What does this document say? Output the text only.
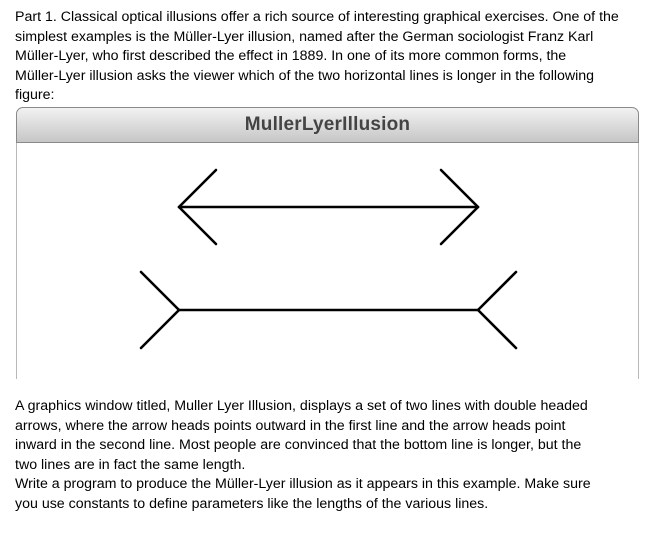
Part 1. Classical optical illusions offer a rich source of interesting graphical exercises. One of the
simplest examples is the Müller-Lyer illusion, named after the German sociologist Franz Karl
Müller-Lyer, who first described the effect in 1889. In one of its more common forms, the
Müller-Lyer illusion asks the viewer which of the two horizontal lines is longer in the following
figure:
MullerLyerIllusion
A graphics window titled, Muller Lyer Illusion, displays a set of two lines with double headed
arrows, where the arrow heads points outward in the first line and the arrow heads point
inward in the second line. Most people are convinced that the bottom line is longer, but the
two lines are in fact the same length.
Write a program to produce the Müller-Lyer illusion as it appears in this example. Make sure
you use constants to define parameters like the lengths of the various lines.
